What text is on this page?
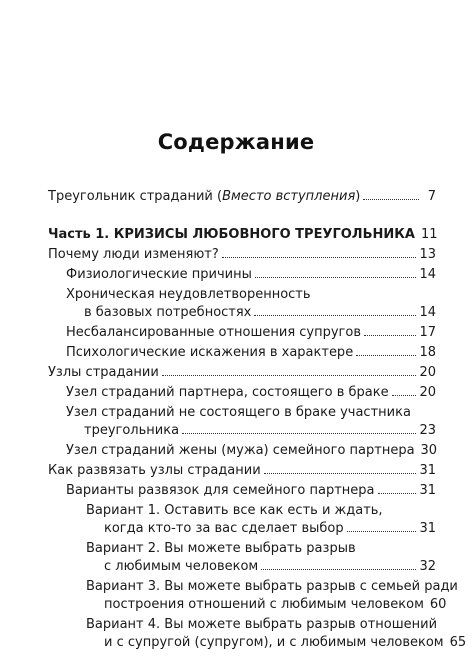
Содержание
Треугольник страданий (Вместо вступления)	7
Часть 1. КРИЗИСЫ ЛЮБОВНОГО ТРЕУГОЛЬНИКА 11
Почему люди изменяют?	13
Физиологические причины	14
Хроническая неудовлетворенность
в базовых потребностях	14
Несбалансированные отношения супругов	17
Психологические искажения в характере	18
Узлы страдании	20
Узел страданий партнера, состоящего в браке 20
Узел страданий не состоящего в браке участника
треугольника	23
Узел страданий жены (мужа) семейного партнера 30
Как развязать узлы страдании	31
Варианты развязок для семейного партнера	31
Вариант 1. Оставить все как есть и ждать,
когда кто-то за вас сделает выбор	31
Вариант 2. Вы можете выбрать разрыв
с любимым человеком	32
Вариант 3. Вы можете выбрать разрыв с семьей ради
построения отношений с любимым человеком 60
Вариант 4. Вы можете выбрать разрыв отношений
и с супругой (супругом), и с любимым человеком 65
